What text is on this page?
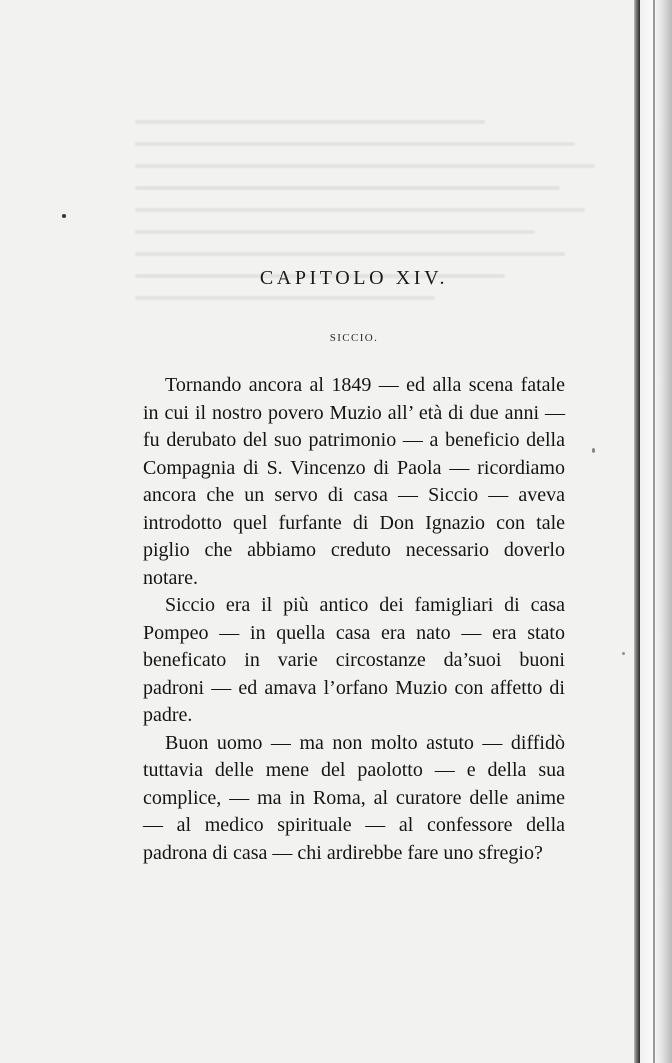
CAPITOLO XIV.
SICCIO.

Tornando ancora al 1849 — ed alla scena fatale in cui il nostro povero Muzio all’ età di due anni — fu derubato del suo patrimonio — a beneficio della Compagnia di S. Vincenzo di Paola — ricordiamo ancora che un servo di casa — Siccio — aveva introdotto quel furfante di Don Ignazio con tale piglio che abbiamo creduto necessario doverlo notare.

Siccio era il più antico dei famigliari di casa Pompeo — in quella casa era nato — era stato beneficato in varie circostanze da’suoi buoni padroni — ed amava l’orfano Muzio con affetto di padre.

Buon uomo — ma non molto astuto — diffidò tuttavia delle mene del paolotto — e della sua complice, — ma in Roma, al curatore delle anime — al medico spirituale — al confessore della padrona di casa — chi ardirebbe fare uno sfregio?
